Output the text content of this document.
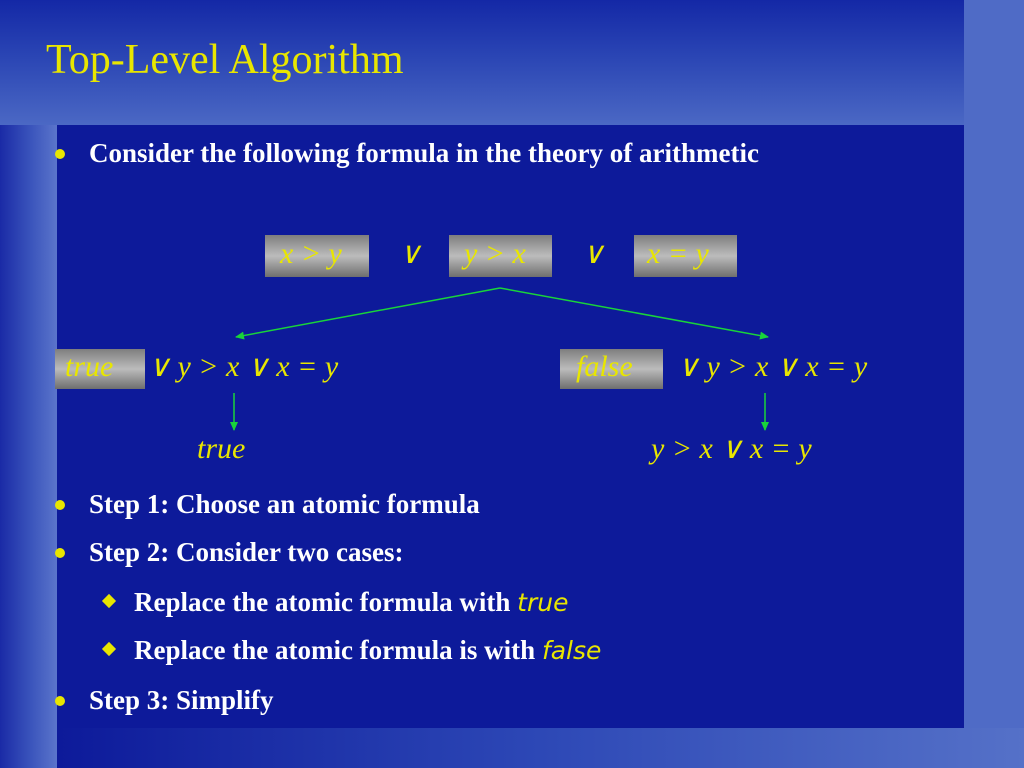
Top-Level Algorithm
Consider the following formula in the theory of arithmetic
x > y ∨ y > x ∨ x = y
true ∨ y > x ∨ x = y
true
false ∨ y > x ∨ x = y
y > x ∨ x = y
Step 1: Choose an atomic formula
Step 2: Consider two cases:
Replace the atomic formula with true
Replace the atomic formula is with false
Step 3: Simplify
